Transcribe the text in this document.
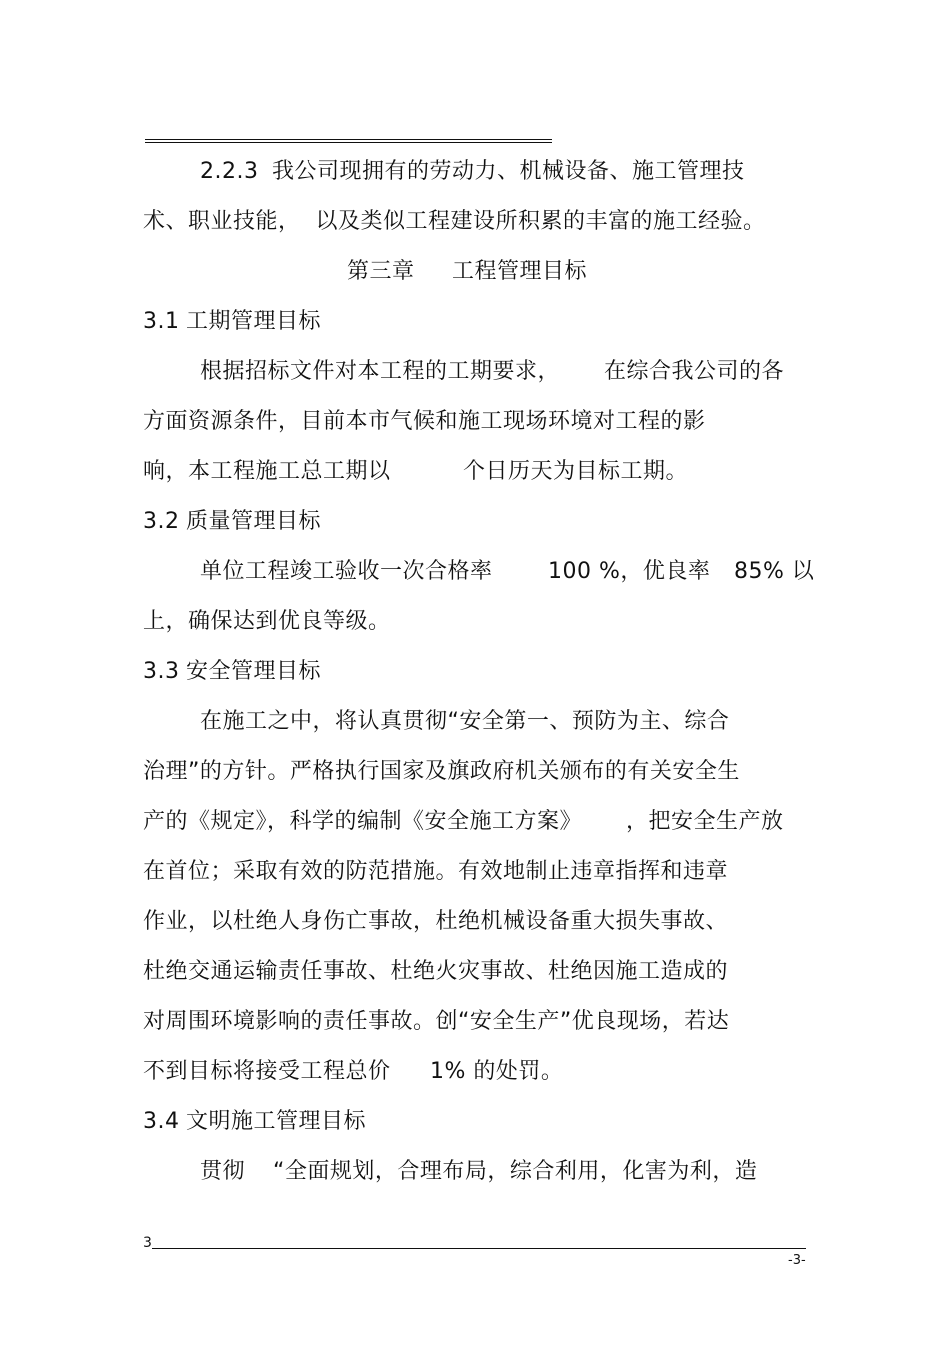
2.2.3 我公司现拥有的劳动力、机械设备、施工管理技
术、职业技能，  以及类似工程建设所积累的丰富的施工经验。
第三章 工程管理目标
3.1 工期管理目标
根据招标文件对本工程的工期要求， 在综合我公司的各
方面资源条件，目前本市气候和施工现场环境对工程的影
响，本工程施工总工期以	个日历天为目标工期。
3.2 质量管理目标
单位工程竣工验收一次合格率	100 %，优良率 85% 以
上，确保达到优良等级。
3.3 安全管理目标
在施工之中，将认真贯彻“安全第一、预防为主、综合
治理”的方针。严格执行国家及旗政府机关颁布的有关安全生
产的《规定》，科学的编制《安全施工方案》 ，把安全生产放
在首位；采取有效的防范措施。有效地制止违章指挥和违章
作业，以杜绝人身伤亡事故，杜绝机械设备重大损失事故、
杜绝交通运输责任事故、杜绝火灾事故、杜绝因施工造成的
对周围环境影响的责任事故。创“安全生产”优良现场，若达
不到目标将接受工程总价 1% 的处罚。
3.4 文明施工管理目标
贯彻 “全面规划，合理布局，综合利用，化害为利，造
3
-3-
